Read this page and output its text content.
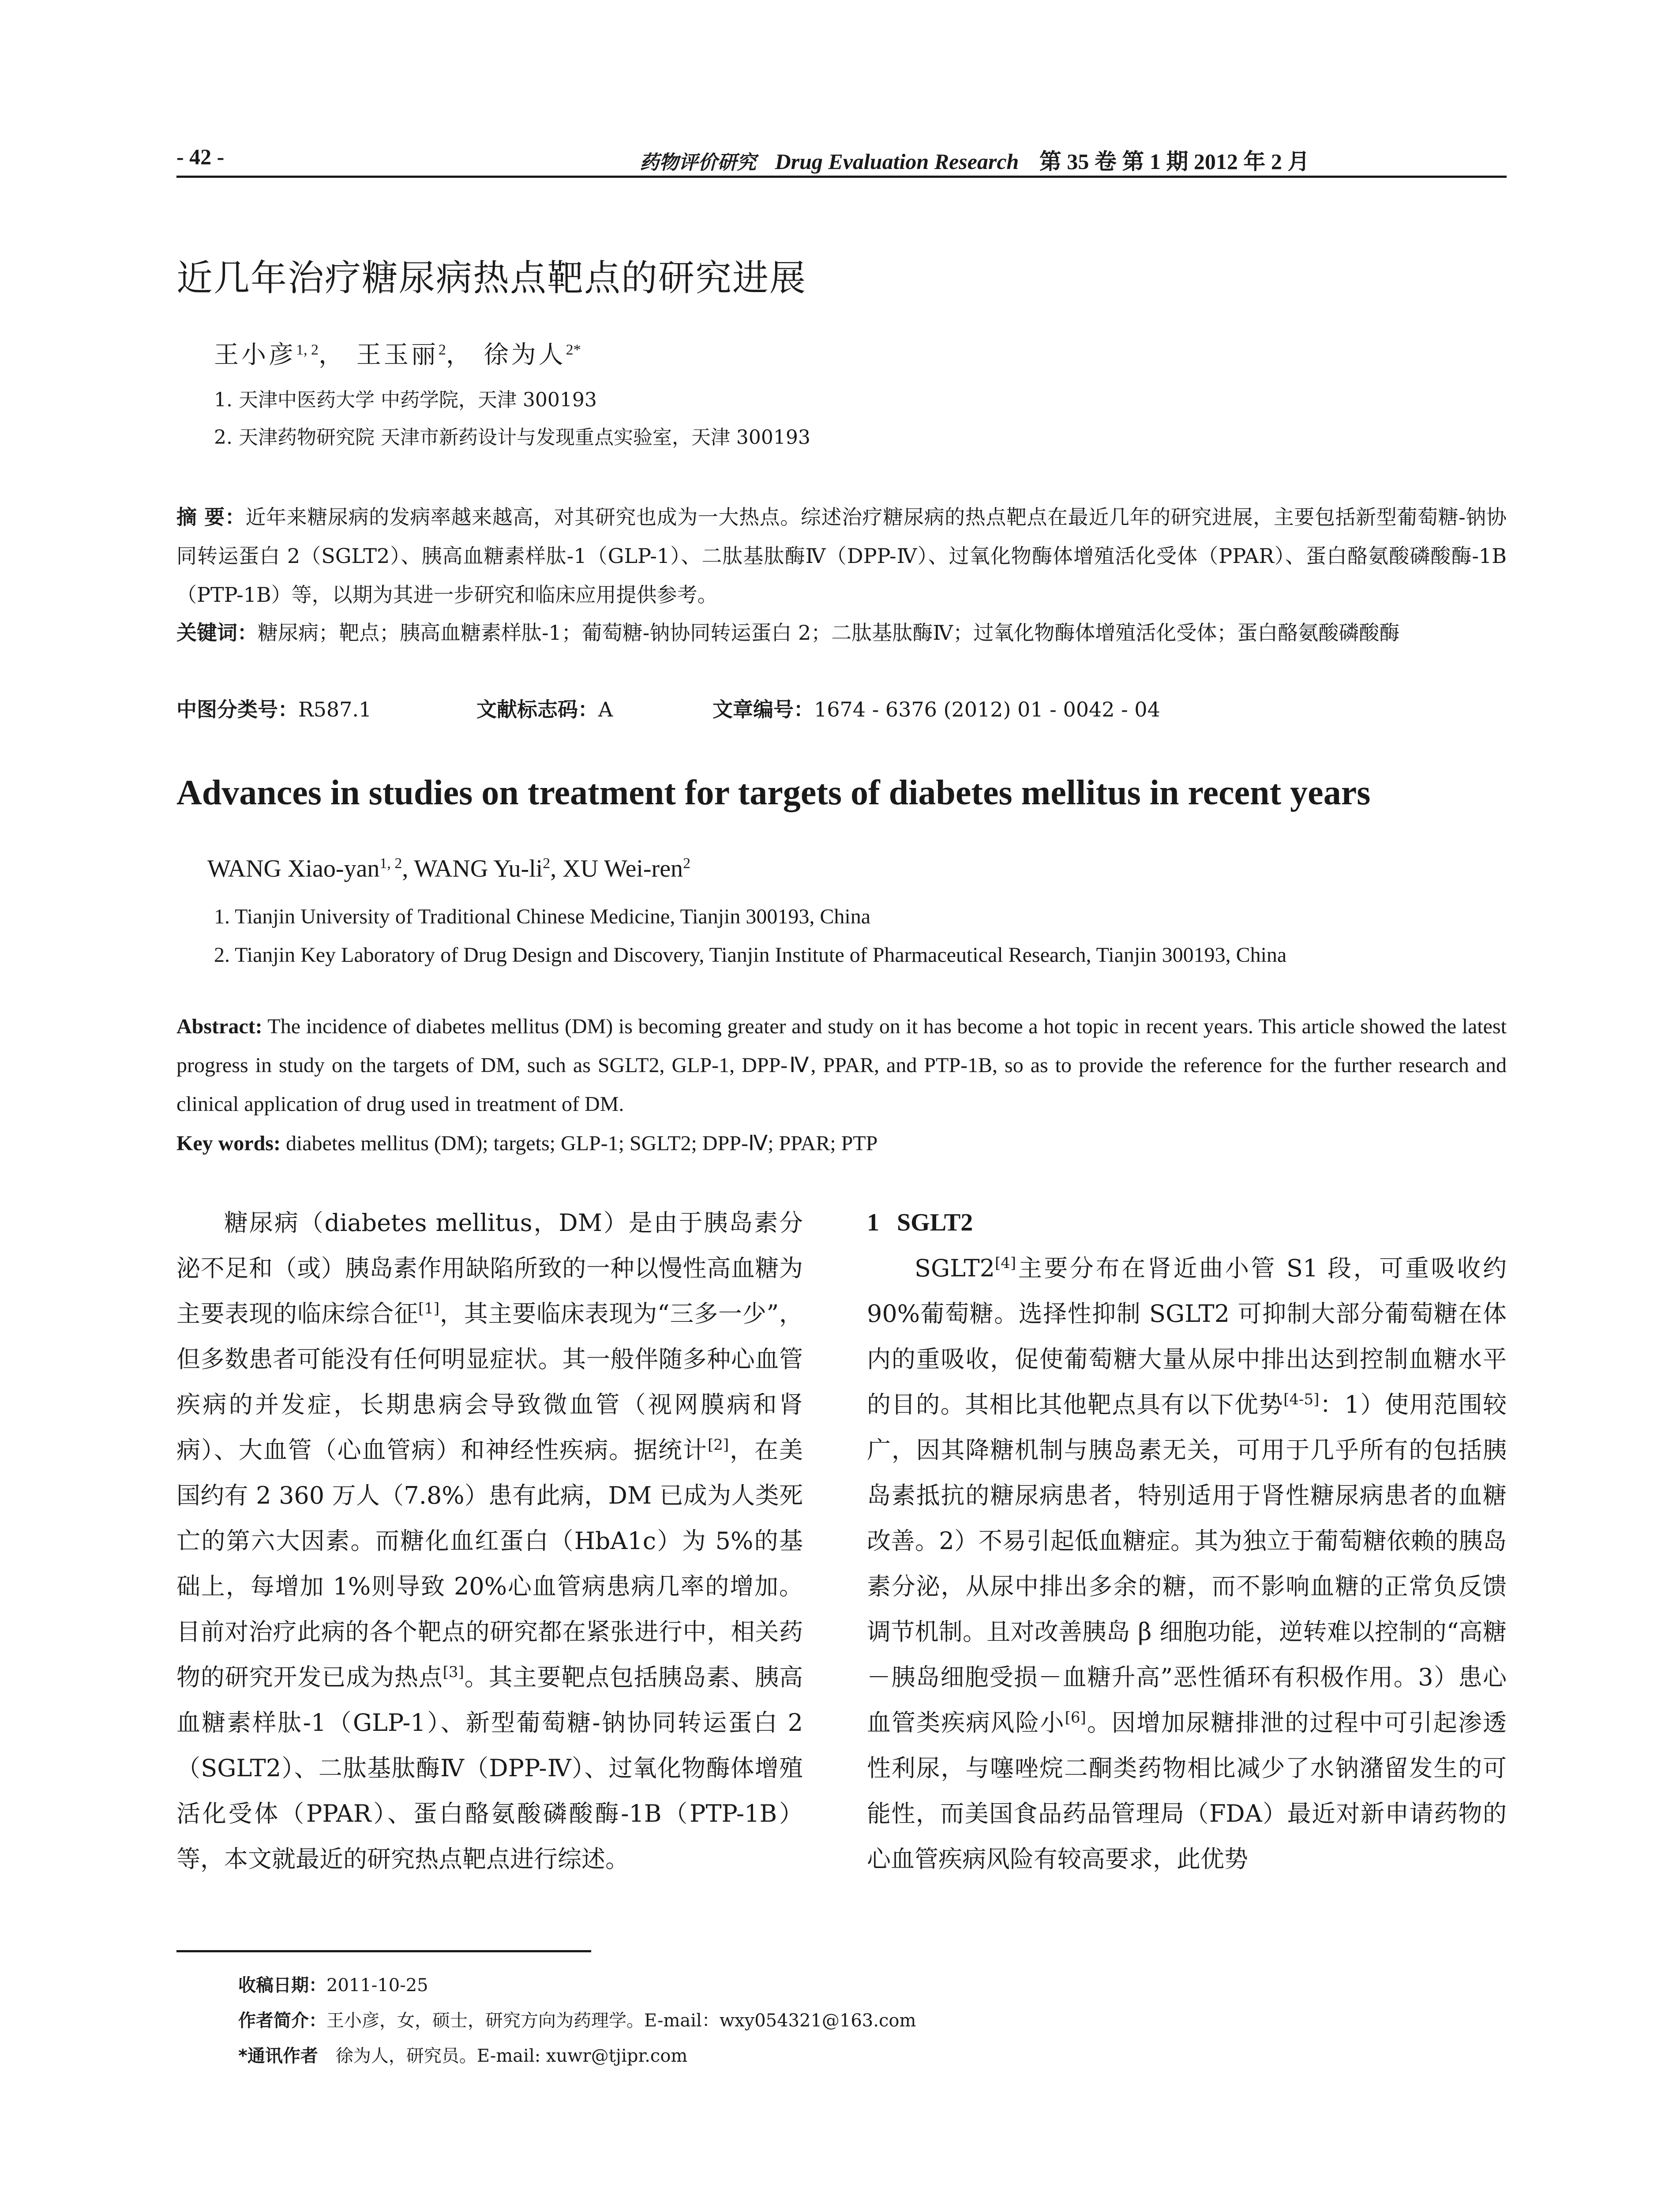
- 42 -	药物评价研究 Drug Evaluation Research 第 35 卷 第 1 期 2012 年 2 月
近几年治疗糖尿病热点靶点的研究进展
王小彦$^{1, 2}$， 王玉丽$^2$， 徐为人$^{2*}$
1. 天津中医药大学 中药学院，天津 300193
2. 天津药物研究院 天津市新药设计与发现重点实验室，天津 300193
摘 要：近年来糖尿病的发病率越来越高，对其研究也成为一大热点。综述治疗糖尿病的热点靶点在最近几年的研究进展，主要包括新型葡萄糖-钠协同转运蛋白 2（SGLT2）、胰高血糖素样肽-1（GLP-1）、二肽基肽酶Ⅳ（DPP-Ⅳ）、过氧化物酶体增殖活化受体（PPAR）、蛋白酪氨酸磷酸酶-1B（PTP-1B）等，以期为其进一步研究和临床应用提供参考。
关键词：糖尿病；靶点；胰高血糖素样肽-1；葡萄糖-钠协同转运蛋白 2；二肽基肽酶Ⅳ；过氧化物酶体增殖活化受体；蛋白酪氨酸磷酸酶
中图分类号：R587.1	文献标志码：A	文章编号：1674 - 6376 (2012) 01 - 0042 - 04
Advances in studies on treatment for targets of diabetes mellitus in recent years
WANG Xiao-yan$^{1, 2}$, WANG $Yu-li^2$, XU Wei-ren$^2$
1. Tianjin University of Traditional Chinese Medicine, Tianjin 300193, China
2. Tianjin Key Laboratory of Drug Design and Discovery, Tianjin Institute of Pharmaceutical Research, Tianjin 300193, China
Abstract: The incidence of diabetes mellitus (DM) is becoming greater and study on it has become a hot topic in recent years. This article showed the latest progress in study on the targets of DM, such as SGLT2, GLP-1, DPP-Ⅳ, PPAR, and PTP-1B, so as to provide the reference for the further research and clinical application of drug used in treatment of DM.
Key words: diabetes mellitus (DM); targets; GLP-1; SGLT2; DPP-Ⅳ; PPAR; PTP

糖尿病（diabetes mellitus，DM）是由于胰岛素分泌不足和（或）胰岛素作用缺陷所致的一种以慢性高血糖为主要表现的临床综合征[1]，其主要临床表现为“三多一少”，但多数患者可能没有任何明显症状。其一般伴随多种心血管疾病的并发症，长期患病会导致微血管（视网膜病和肾病）、大血管（心血管病）和神经性疾病。据统计[2]，在美国约有 2 360 万人（7.8%）患有此病，DM 已成为人类死亡的第六大因素。而糖化血红蛋白（HbA1c）为 5%的基础上，每增加 1%则导致 20%心血管病患病几率的增加。目前对治疗此病的各个靶点的研究都在紧张进行中，相关药物的研究开发已成为热点[3]。其主要靶点包括胰岛素、胰高血糖素样肽-1（GLP-1）、新型葡萄糖-钠协同转运蛋白 2（SGLT2）、二肽基肽酶Ⅳ（DPP-Ⅳ）、过氧化物酶体增殖活化受体（PPAR）、蛋白酪氨酸磷酸酶-1B（PTP-1B）等，本文就最近的研究热点靶点进行综述。

1 SGLT2

SGLT2[4]主要分布在肾近曲小管 S1 段，可重吸收约 90%葡萄糖。选择性抑制 SGLT2 可抑制大部分葡萄糖在体内的重吸收，促使葡萄糖大量从尿中排出达到控制血糖水平的目的。其相比其他靶点具有以下优势[4-5]：1）使用范围较广，因其降糖机制与胰岛素无关，可用于几乎所有的包括胰岛素抵抗的糖尿病患者，特别适用于肾性糖尿病患者的血糖改善。2）不易引起低血糖症。其为独立于葡萄糖依赖的胰岛素分泌，从尿中排出多余的糖，而不影响血糖的正常负反馈调节机制。且对改善胰岛 β 细胞功能，逆转难以控制的“高糖－胰岛细胞受损－血糖升高”恶性循环有积极作用。3）患心血管类疾病风险小[6]。因增加尿糖排泄的过程中可引起渗透性利尿，与噻唑烷二酮类药物相比减少了水钠潴留发生的可能性，而美国食品药品管理局（FDA）最近对新申请药物的心血管疾病风险有较高要求，此优势

收稿日期：2011-10-25
作者简介：王小彦，女，硕士，研究方向为药理学。E-mail：wxy054321@163.com
*通讯作者　徐为人，研究员。E-mail: xuwr@tjipr.com
